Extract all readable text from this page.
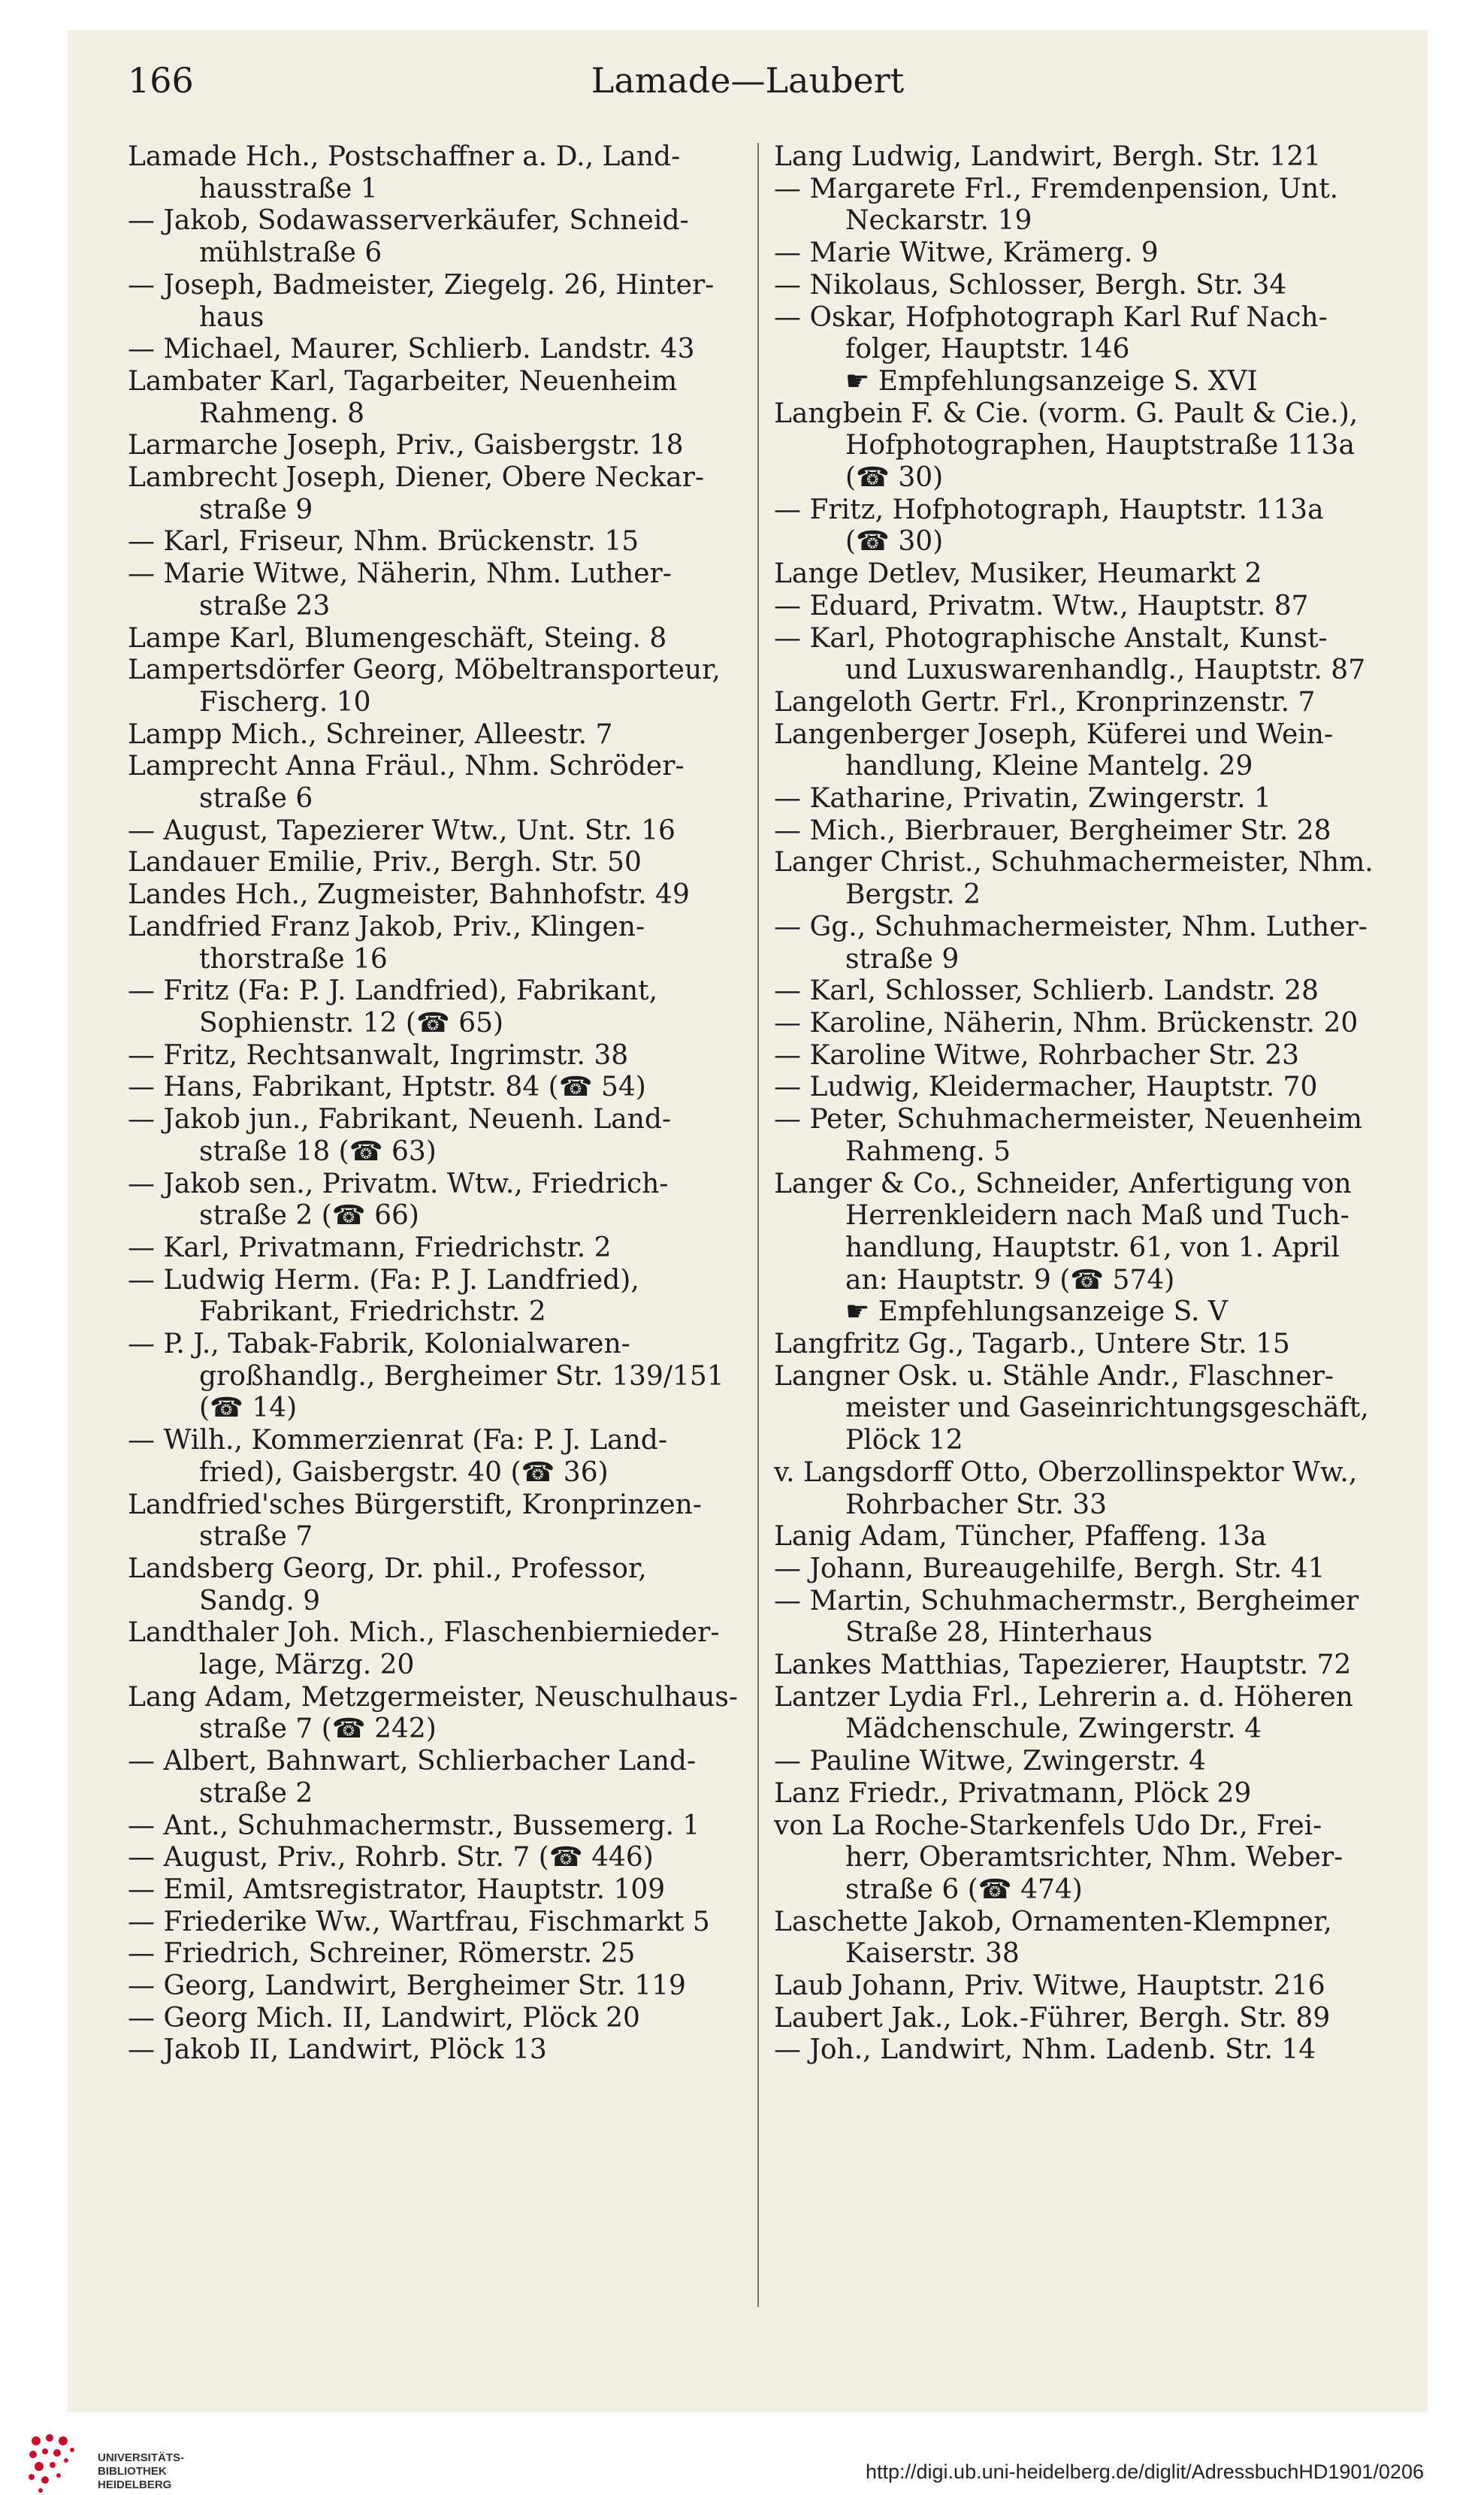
Lamade—Laubert
166
Lamade Hch., Postschaffner a. D., Land-
hausstraße 1
— Jakob, Sodawasserverkäufer, Schneid-
mühlstraße 6
— Joseph, Badmeister, Ziegelg. 26, Hinter-
haus
— Michael, Maurer, Schlierb. Landstr. 43
Lambater Karl, Tagarbeiter, Neuenheim
Rahmeng. 8
Larmarche Joseph, Priv., Gaisbergstr. 18
Lambrecht Joseph, Diener, Obere Neckar-
straße 9
— Karl, Friseur, Nhm. Brückenstr. 15
— Marie Witwe, Näherin, Nhm. Luther-
straße 23
Lampe Karl, Blumengeschäft, Steing. 8
Lampertsdörfer Georg, Möbeltransporteur,
Fischerg. 10
Lampp Mich., Schreiner, Alleestr. 7
Lamprecht Anna Fräul., Nhm. Schröder-
straße 6
— August, Tapezierer Wtw., Unt. Str. 16
Landauer Emilie, Priv., Bergh. Str. 50
Landes Hch., Zugmeister, Bahnhofstr. 49
Landfried Franz Jakob, Priv., Klingen-
thorstraße 16
— Fritz (Fa: P. J. Landfried), Fabrikant,
Sophienstr. 12 (☎ 65)
— Fritz, Rechtsanwalt, Ingrimstr. 38
— Hans, Fabrikant, Hptstr. 84 (☎ 54)
— Jakob jun., Fabrikant, Neuenh. Land-
straße 18 (☎ 63)
— Jakob sen., Privatm. Wtw., Friedrich-
straße 2 (☎ 66)
— Karl, Privatmann, Friedrichstr. 2
— Ludwig Herm. (Fa: P. J. Landfried),
Fabrikant, Friedrichstr. 2
— P. J., Tabak-Fabrik, Kolonialwaren-
großhandlg., Bergheimer Str. 139/151
(☎ 14)
— Wilh., Kommerzienrat (Fa: P. J. Land-
fried), Gaisbergstr. 40 (☎ 36)
Landfried'sches Bürgerstift, Kronprinzen-
straße 7
Landsberg Georg, Dr. phil., Professor,
Sandg. 9
Landthaler Joh. Mich., Flaschenbiernieder-
lage, Märzg. 20
Lang Adam, Metzgermeister, Neuschulhaus-
straße 7 (☎ 242)
— Albert, Bahnwart, Schlierbacher Land-
straße 2
— Ant., Schuhmachermstr., Bussemerg. 1
— August, Priv., Rohrb. Str. 7 (☎ 446)
— Emil, Amtsregistrator, Hauptstr. 109
— Friederike Ww., Wartfrau, Fischmarkt 5
— Friedrich, Schreiner, Römerstr. 25
— Georg, Landwirt, Bergheimer Str. 119
— Georg Mich. II, Landwirt, Plöck 20
— Jakob II, Landwirt, Plöck 13
Lang Ludwig, Landwirt, Bergh. Str. 121
— Margarete Frl., Fremdenpension, Unt.
Neckarstr. 19
— Marie Witwe, Krämerg. 9
— Nikolaus, Schlosser, Bergh. Str. 34
— Oskar, Hofphotograph Karl Ruf Nach-
folger, Hauptstr. 146
☛ Empfehlungsanzeige S. XVI
Langbein F. & Cie. (vorm. G. Pault & Cie.),
Hofphotographen, Hauptstraße 113a
(☎ 30)
— Fritz, Hofphotograph, Hauptstr. 113a
(☎ 30)
Lange Detlev, Musiker, Heumarkt 2
— Eduard, Privatm. Wtw., Hauptstr. 87
— Karl, Photographische Anstalt, Kunst-
und Luxuswarenhandlg., Hauptstr. 87
Langeloth Gertr. Frl., Kronprinzenstr. 7
Langenberger Joseph, Küferei und Wein-
handlung, Kleine Mantelg. 29
— Katharine, Privatin, Zwingerstr. 1
— Mich., Bierbrauer, Bergheimer Str. 28
Langer Christ., Schuhmachermeister, Nhm.
Bergstr. 2
— Gg., Schuhmachermeister, Nhm. Luther-
straße 9
— Karl, Schlosser, Schlierb. Landstr. 28
— Karoline, Näherin, Nhm. Brückenstr. 20
— Karoline Witwe, Rohrbacher Str. 23
— Ludwig, Kleidermacher, Hauptstr. 70
— Peter, Schuhmachermeister, Neuenheim
Rahmeng. 5
Langer & Co., Schneider, Anfertigung von
Herrenkleidern nach Maß und Tuch-
handlung, Hauptstr. 61, von 1. April
an: Hauptstr. 9 (☎ 574)
☛ Empfehlungsanzeige S. V
Langfritz Gg., Tagarb., Untere Str. 15
Langner Osk. u. Stähle Andr., Flaschner-
meister und Gaseinrichtungsgeschäft,
Plöck 12
v. Langsdorff Otto, Oberzollinspektor Ww.,
Rohrbacher Str. 33
Lanig Adam, Tüncher, Pfaffeng. 13a
— Johann, Bureaugehilfe, Bergh. Str. 41
— Martin, Schuhmachermstr., Bergheimer
Straße 28, Hinterhaus
Lankes Matthias, Tapezierer, Hauptstr. 72
Lantzer Lydia Frl., Lehrerin a. d. Höheren
Mädchenschule, Zwingerstr. 4
— Pauline Witwe, Zwingerstr. 4
Lanz Friedr., Privatmann, Plöck 29
von La Roche-Starkenfels Udo Dr., Frei-
herr, Oberamtsrichter, Nhm. Weber-
straße 6 (☎ 474)
Laschette Jakob, Ornamenten-Klempner,
Kaiserstr. 38
Laub Johann, Priv. Witwe, Hauptstr. 216
Laubert Jak., Lok.-Führer, Bergh. Str. 89
— Joh., Landwirt, Nhm. Ladenb. Str. 14
UNIVERSITÄTS-
BIBLIOTHEK
HEIDELBERG
http://digi.ub.uni-heidelberg.de/diglit/AdressbuchHD1901/0206
